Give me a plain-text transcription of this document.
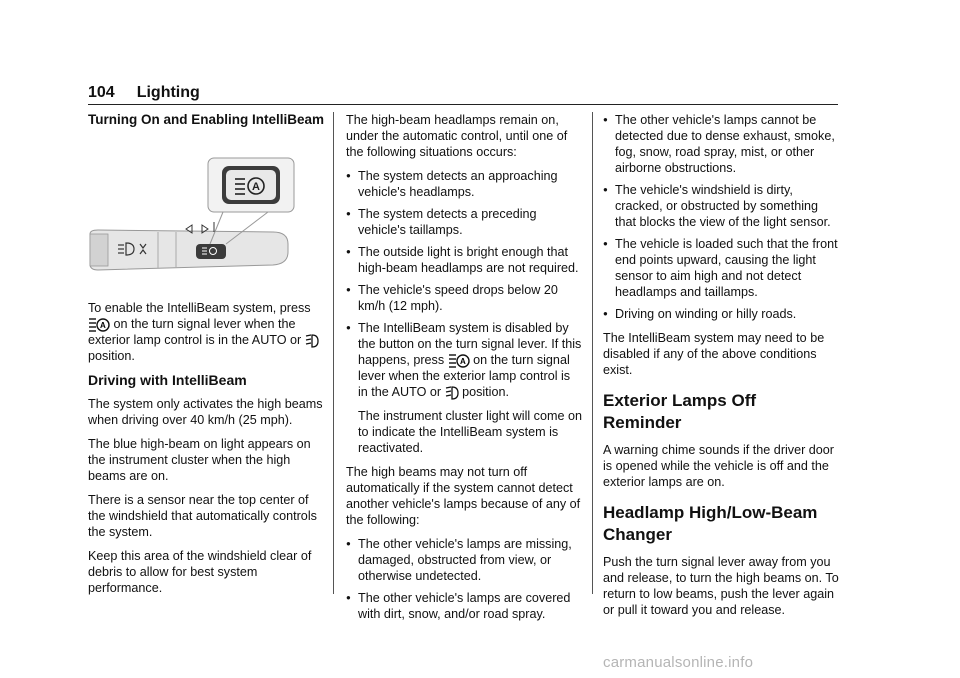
104 Lighting
Turning On and Enabling IntelliBeam
A

To enable the IntelliBeam system, press

A on the turn signal lever when the exterior lamp control is in the AUTO or
position.

Driving with IntelliBeam

The system only activates the high beams when driving over 40 km/h (25 mph).

The blue high-beam on light appears on the instrument cluster when the high beams are on.

There is a sensor near the top center of the windshield that automatically controls the system.

Keep this area of the windshield clear of debris to allow for best system performance.

The high-beam headlamps remain on, under the automatic control, until one of the following situations occurs:

● The system detects an approaching vehicle's headlamps.
● The system detects a preceding vehicle's taillamps.
● The outside light is bright enough that high-beam headlamps are not required.
● The vehicle's speed drops below 20 km/h (12 mph).
● The IntelliBeam system is disabled by the button on the turn signal lever. If this happens, press A on the turn signal lever when the exterior lamp control is in the AUTO or position.

The instrument cluster light will come on to indicate the IntelliBeam system is reactivated.

The high beams may not turn off automatically if the system cannot detect another vehicle's lamps because of any of the following:

● The other vehicle's lamps are missing, damaged, obstructed from view, or otherwise undetected.
● The other vehicle's lamps are covered with dirt, snow, and/or road spray.
● The other vehicle's lamps cannot be detected due to dense exhaust, smoke, fog, snow, road spray, mist, or other airborne obstructions.
● The vehicle's windshield is dirty, cracked, or obstructed by something that blocks the view of the light sensor.
● The vehicle is loaded such that the front end points upward, causing the light sensor to aim high and not detect headlamps and taillamps.
● Driving on winding or hilly roads.

The IntelliBeam system may need to be disabled if any of the above conditions exist.

Exterior Lamps Off Reminder

A warning chime sounds if the driver door is opened while the vehicle is off and the exterior lamps are on.

Headlamp High/Low-Beam Changer

Push the turn signal lever away from you and release, to turn the high beams on. To return to low beams, push the lever again or pull it toward you and release.

carmanualsonline.info
